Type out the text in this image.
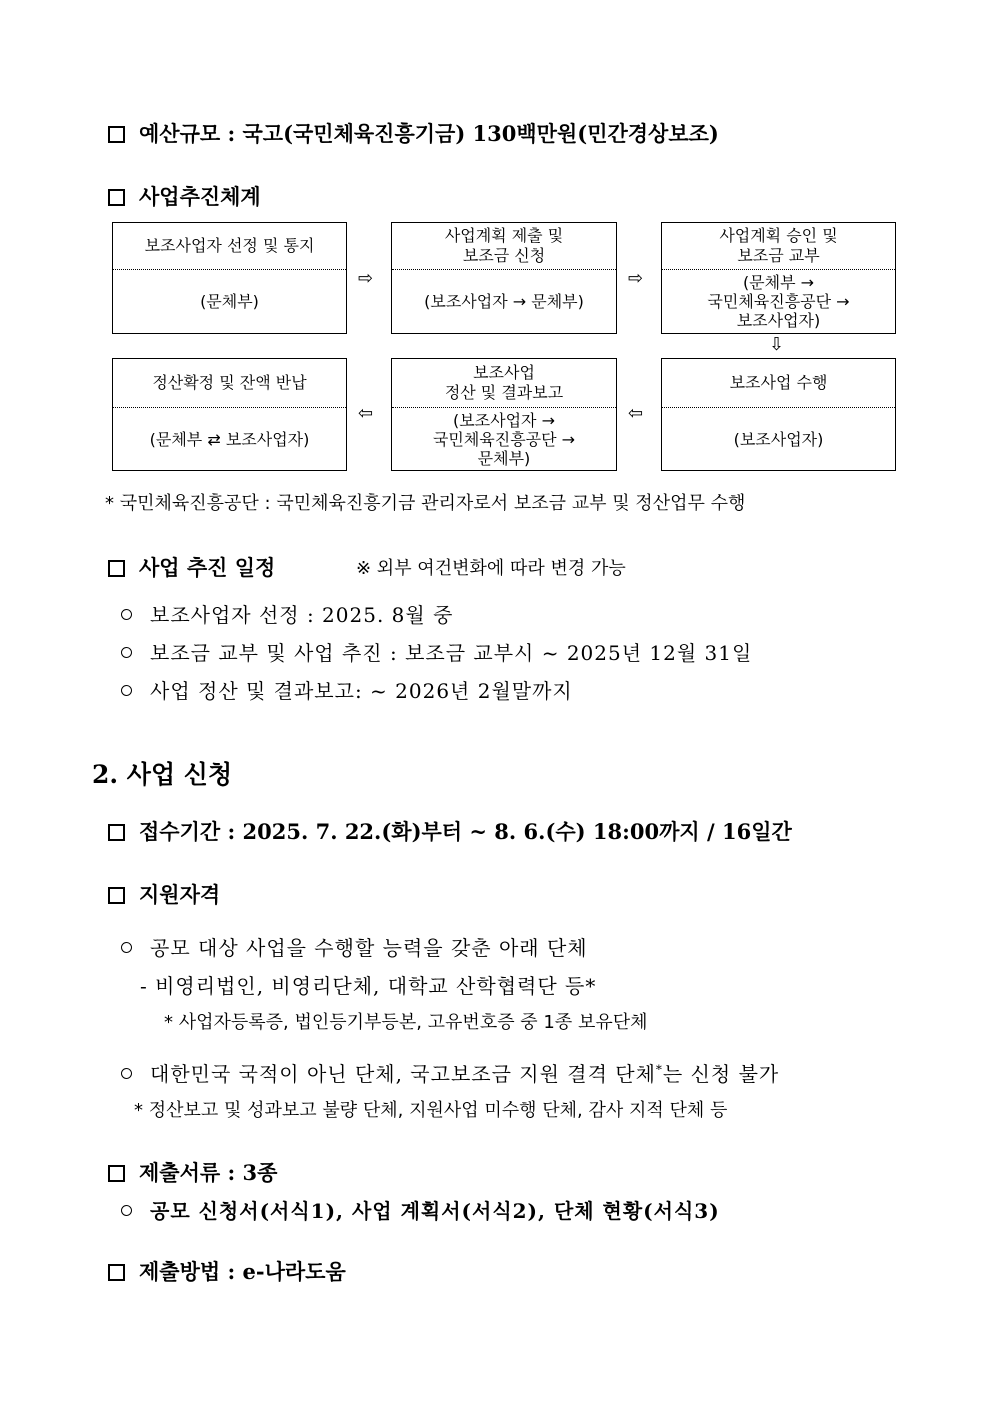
예산규모 : 국고(국민체육진흥기금) 130백만원(민간경상보조)
사업추진체계
보조사업자 선정 및 통지
(문체부)
⇨
사업계획 제출 및
보조금 신청
(보조사업자 → 문체부)
⇨
사업계획 승인 및
보조금 교부
(문체부 →
국민체육진흥공단 →
보조사업자)
⇩
보조사업 수행
(보조사업자)
⇦
보조사업
정산 및 결과보고
(보조사업자 →
국민체육진흥공단 →
문체부)
⇦
정산확정 및 잔액 반납
(문체부 ⇄ 보조사업자)
* 국민체육진흥공단 : 국민체육진흥기금 관리자로서 보조금 교부 및 정산업무 수행
사업 추진 일정	※ 외부 여건변화에 따라 변경 가능
보조사업자 선정 : 2025. 8월 중
보조금 교부 및 사업 추진 : 보조금 교부시 ~ 2025년 12월 31일
사업 정산 및 결과보고: ~ 2026년 2월말까지
2. 사업 신청
접수기간 : 2025. 7. 22.(화)부터 ~ 8. 6.(수) 18:00까지 / 16일간
지원자격
공모 대상 사업을 수행할 능력을 갖춘 아래 단체
- 비영리법인, 비영리단체, 대학교 산학협력단 등*
* 사업자등록증, 법인등기부등본, 고유번호증 중 1종 보유단체
대한민국 국적이 아닌 단체, 국고보조금 지원 결격 단체*는 신청 불가
* 정산보고 및 성과보고 불량 단체, 지원사업 미수행 단체, 감사 지적 단체 등
제출서류 : 3종
공모 신청서(서식1), 사업 계획서(서식2), 단체 현황(서식3)
제출방법 : e-나라도움
